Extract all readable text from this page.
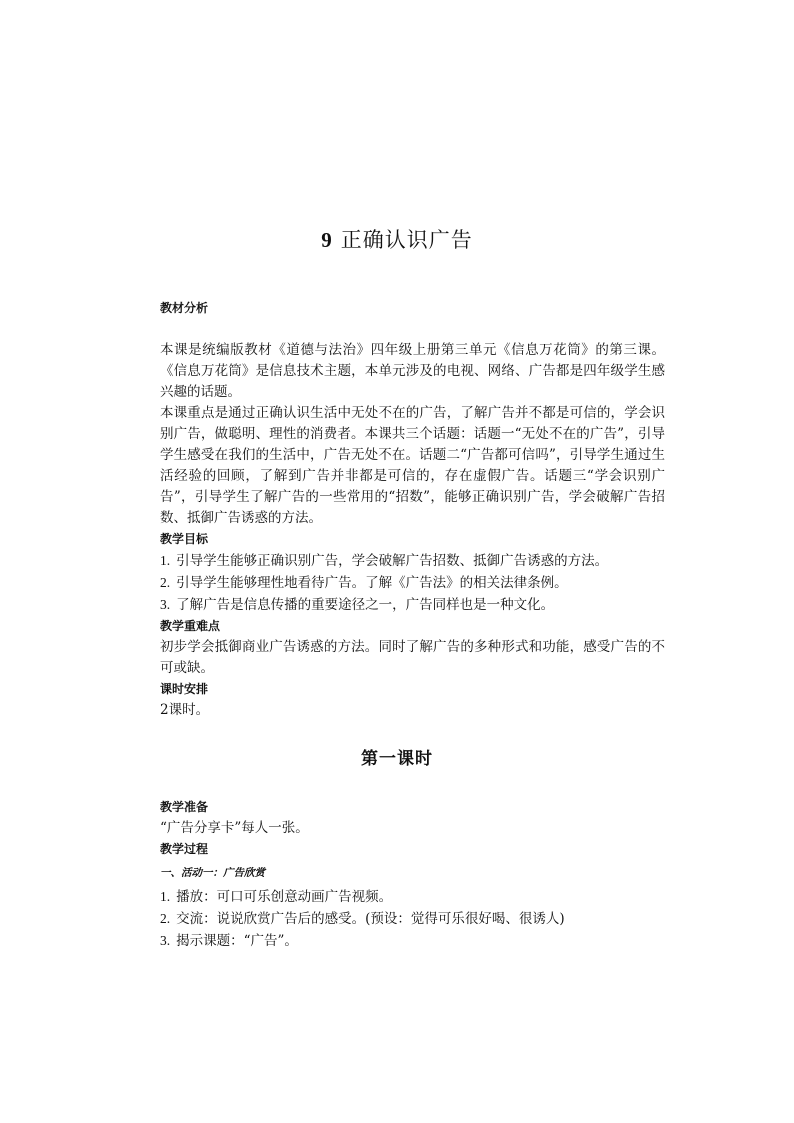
9 正确认识广告

教材分析

本课是统编版教材《道德与法治》四年级上册第三单元《信息万花筒》的第三课。《信息万花筒》是信息技术主题，本单元涉及的电视、网络、广告都是四年级学生感兴趣的话题。

本课重点是通过正确认识生活中无处不在的广告，了解广告并不都是可信的，学会识别广告，做聪明、理性的消费者。本课共三个话题：话题一“无处不在的广告”，引导学生感受在我们的生活中，广告无处不在。话题二“广告都可信吗”，引导学生通过生活经验的回顾，了解到广告并非都是可信的，存在虚假广告。话题三“学会识别广告”，引导学生了解广告的一些常用的“招数”，能够正确识别广告，学会破解广告招数、抵御广告诱惑的方法。

教学目标

1. 引导学生能够正确识别广告，学会破解广告招数、抵御广告诱惑的方法。

2. 引导学生能够理性地看待广告。了解《广告法》的相关法律条例。

3. 了解广告是信息传播的重要途径之一，广告同样也是一种文化。

教学重难点

初步学会抵御商业广告诱惑的方法。同时了解广告的多种形式和功能，感受广告的不可或缺。

课时安排

2课时。

第一课时

教学准备

“广告分享卡”每人一张。

教学过程

一、活动一：广告欣赏

1. 播放：可口可乐创意动画广告视频。

2. 交流：说说欣赏广告后的感受。(预设：觉得可乐很好喝、很诱人)

3. 揭示课题：“广告”。
